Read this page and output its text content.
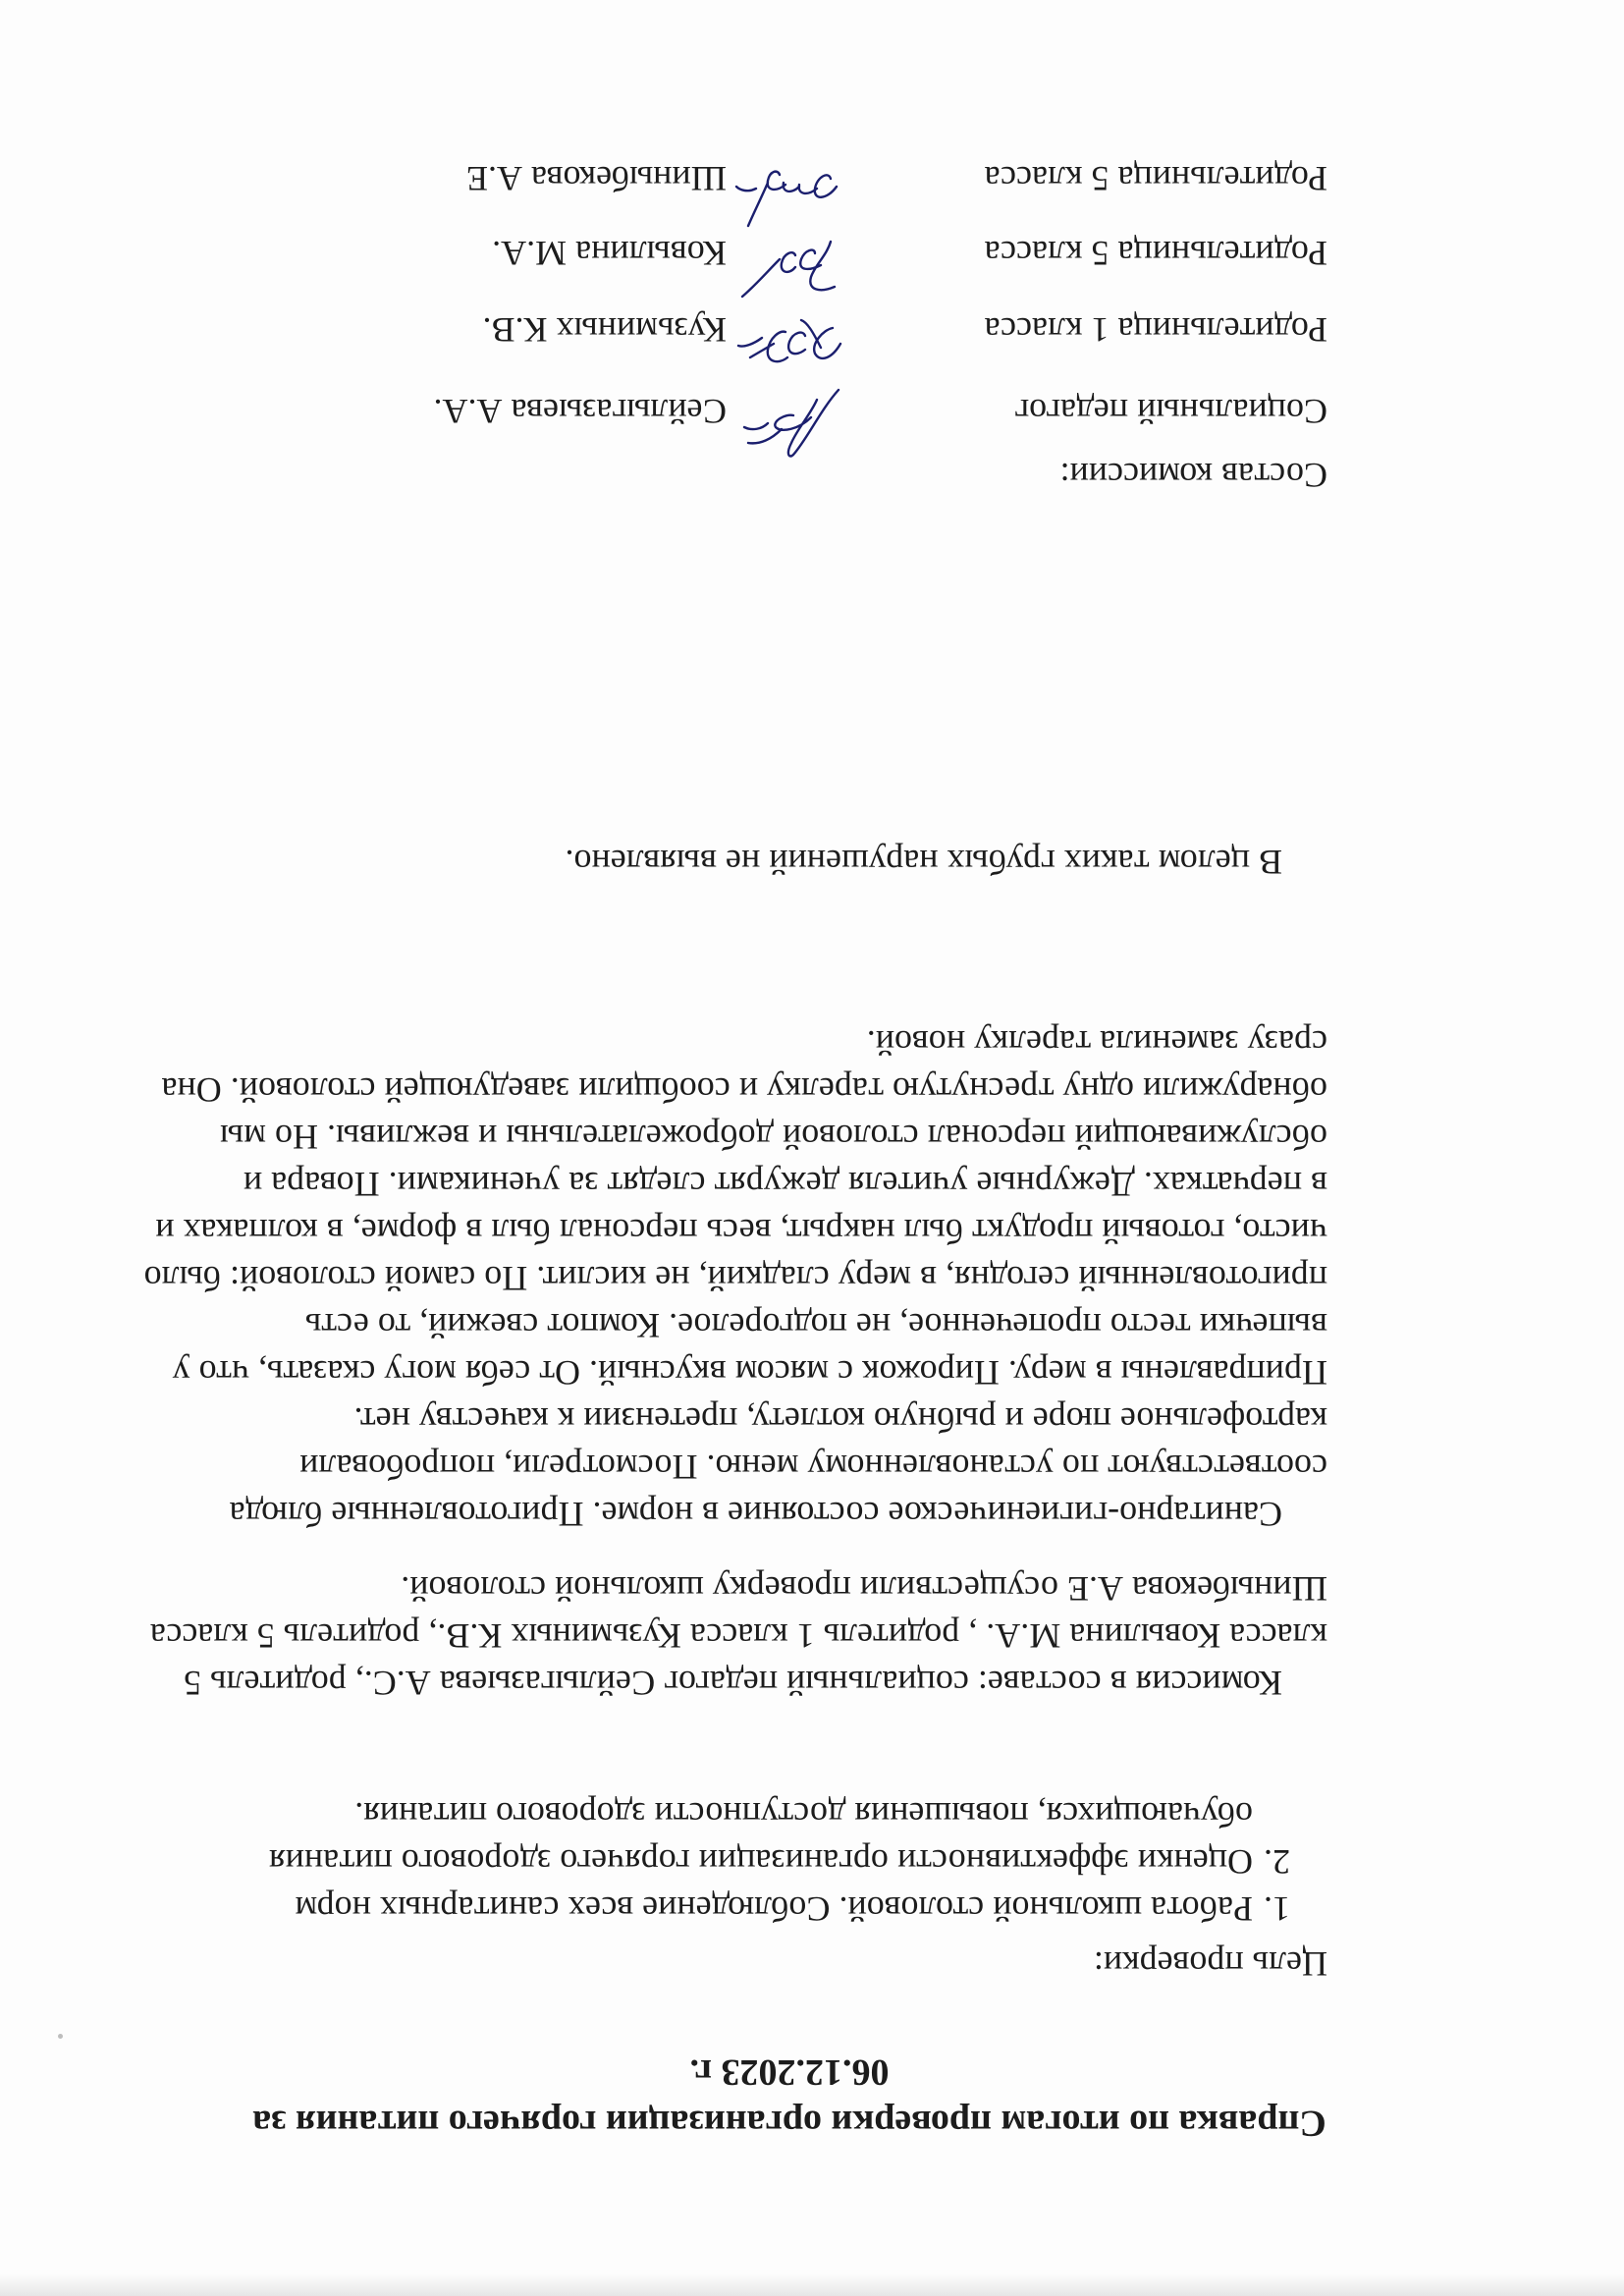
Справка по итогам проверки организации горячего питания за 06.12.2023 г.
Цель проверки:
1.
Работа школьной столовой. Соблюдение всех санитарных норм
2.
Оценки эффективности организации горячего здорового питания обучающихся, повышения доступности здорового питания.
Комиссия в составе: социальный педагог Сейлыгазыева А.С., родитель 5 класса Ковылина М.А. , родитель 1 класса Кузьминых К.В., родитель 5 класса Шиныбекова А.Е осуществили проверку школьной столовой.
Санитарно-гигиеническое состояние в норме. Приготовленные блюда соответствуют по установленному меню. Посмотрели, попробовали картофельное пюре и рыбную котлету, претензии к качеству нет. Приправлены в меру. Пирожок с мясом вкусный. От себя могу сказать, что у выпечки тесто пропеченное, не подгорелое. Компот свежий, то есть приготовленный сегодня, в меру сладкий, не кислит. По самой столовой: было чисто, готовый продукт был накрыт, весь персонал был в форме, в колпаках и в перчатках. Дежурные учителя дежурят следят за учениками. Повара и обслуживающий персонал столовой доброжелательны и вежливы. Но мы обнаружили одну треснутую тарелку и сообщили заведующей столовой. Она сразу заменила тарелку новой.
В целом таких грубых нарушений не выявлено.
Состав комиссии:
Социальный педагог
Сейлыгазыева А.А.
Родительница 1 класса
Кузьминых К.В.
Родительница 5 класса
Ковылина М.А.
Родительница 5 класса
Шиныбекова А.Е
